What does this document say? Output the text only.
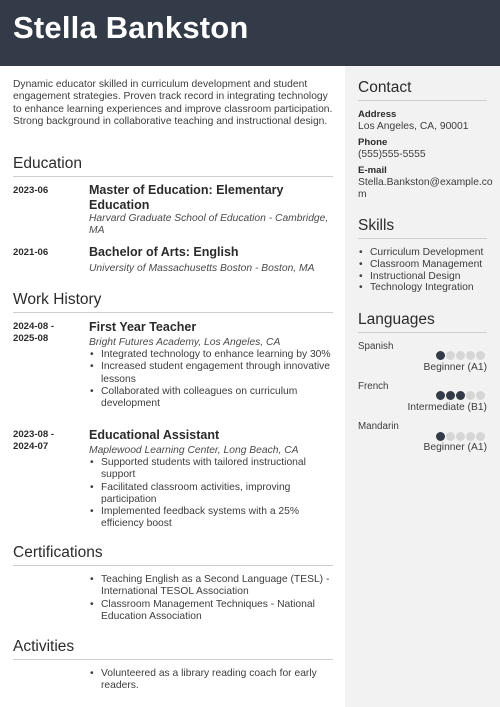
Stella Bankston

Dynamic educator skilled in curriculum development and student engagement strategies. Proven track record in integrating technology to enhance learning experiences and improve classroom participation. Strong background in collaborative teaching and instructional design.

Education
2023-06	Master of Education: Elementary Education
Harvard Graduate School of Education - Cambridge, MA
2021-06	Bachelor of Arts: English
University of Massachusetts Boston - Boston, MA
Work History
2024-08 -
2025-08
First Year Teacher
Bright Futures Academy, Los Angeles, CA
• Integrated technology to enhance learning by 30%
• Increased student engagement through innovative lessons
• Collaborated with colleagues on curriculum development
2023-08 -
2024-07
Educational Assistant
Maplewood Learning Center, Long Beach, CA
• Supported students with tailored instructional support
• Facilitated classroom activities, improving participation
• Implemented feedback systems with a 25% efficiency boost
Certifications
• Teaching English as a Second Language (TESL) - International TESOL Association
• Classroom Management Techniques - National Education Association
Activities
• Volunteered as a library reading coach for early readers.
Contact
Address
Los Angeles, CA, 90001
Phone
(555)555-5555
E-mail
Stella.Bankston@example.com
Skills
• Curriculum Development
• Classroom Management
• Instructional Design
• Technology Integration
Languages
Spanish
Beginner (A1)
French
Intermediate (B1)
Mandarin
Beginner (A1)
